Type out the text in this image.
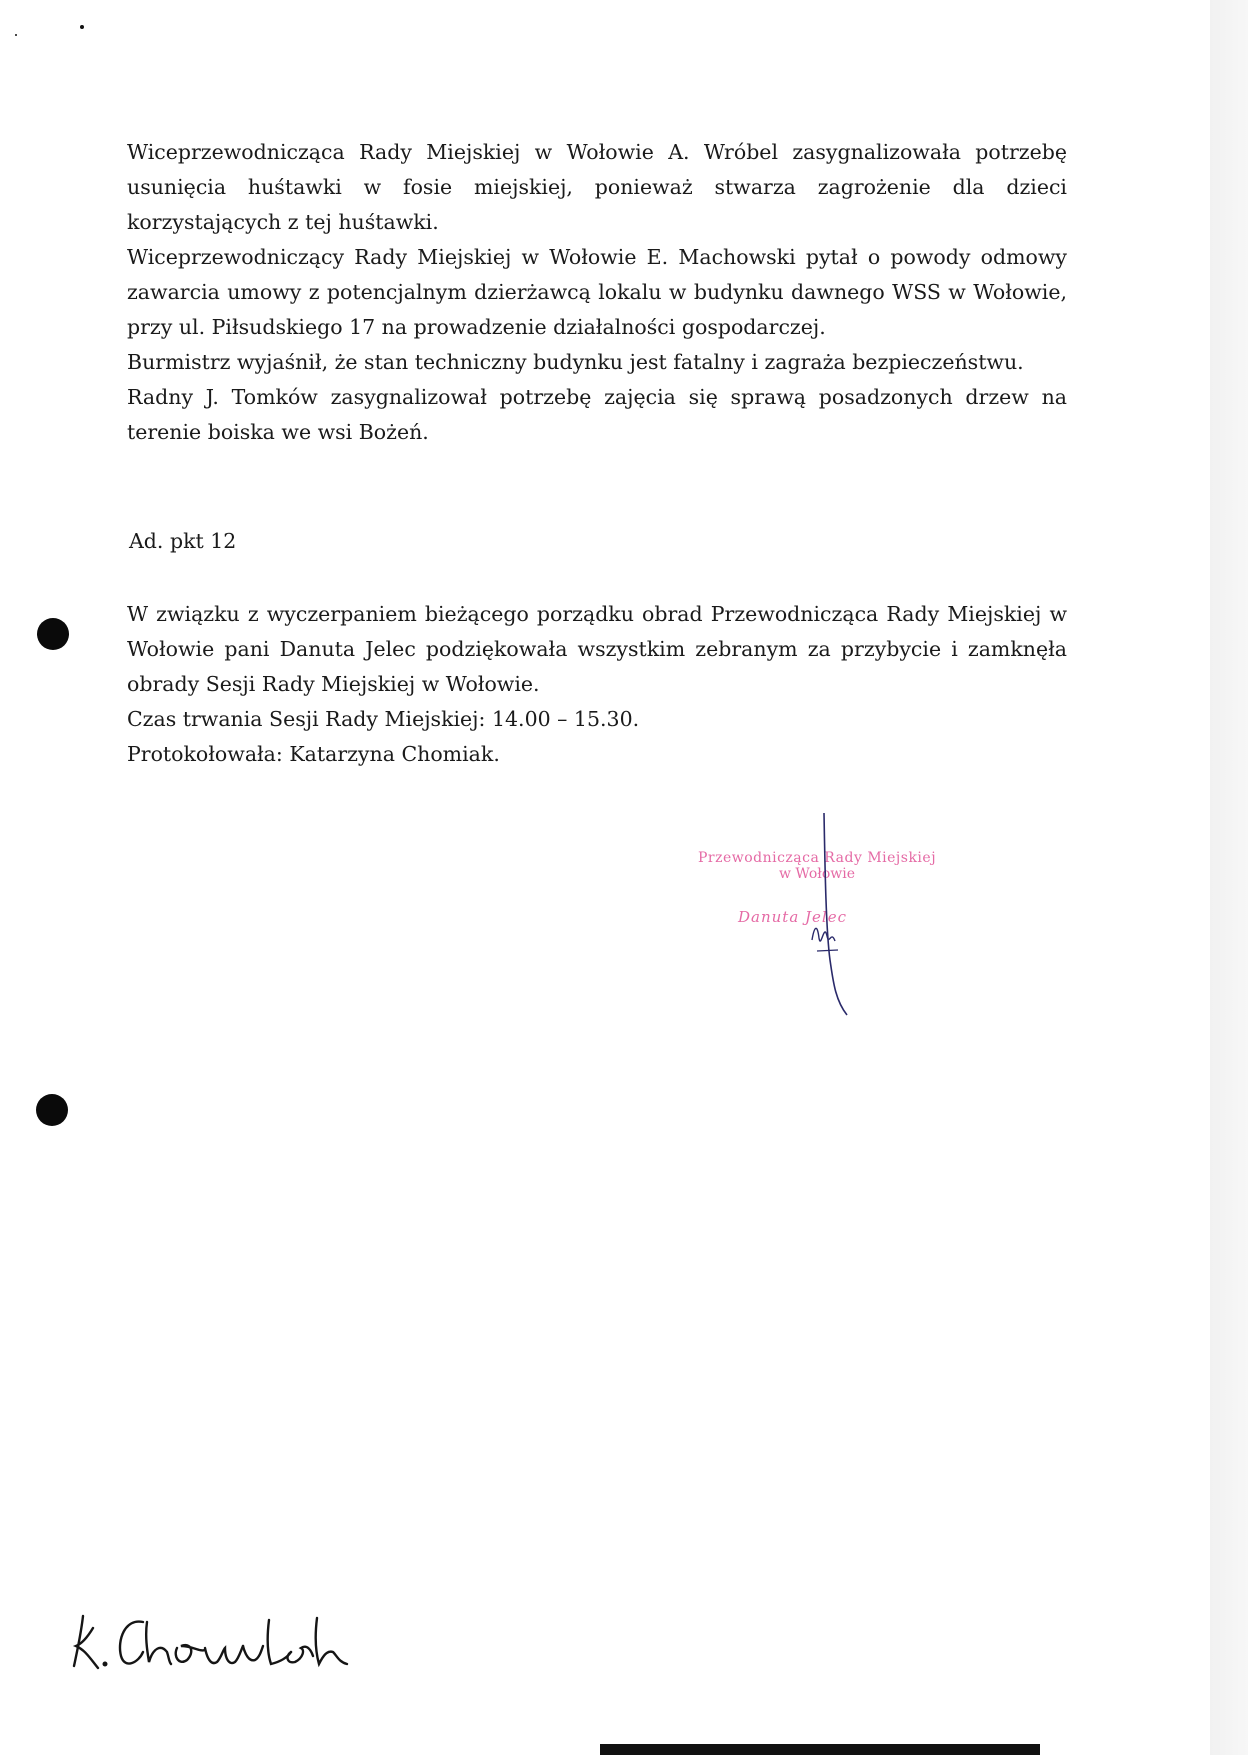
Wiceprzewodnicząca Rady Miejskiej w Wołowie A. Wróbel zasygnalizowała potrzebę usunięcia huśtawki w fosie miejskiej, ponieważ stwarza zagrożenie dla dzieci korzystających z tej huśtawki.

Wiceprzewodniczący Rady Miejskiej w Wołowie E. Machowski pytał o powody odmowy zawarcia umowy z potencjalnym dzierżawcą lokalu w budynku dawnego WSS w Wołowie, przy ul. Piłsudskiego 17 na prowadzenie działalności gospodarczej.

Burmistrz wyjaśnił, że stan techniczny budynku jest fatalny i zagraża bezpieczeństwu.

Radny J. Tomków zasygnalizował potrzebę zajęcia się sprawą posadzonych drzew na terenie boiska we wsi Bożeń.

Ad. pkt 12

W związku z wyczerpaniem bieżącego porządku obrad Przewodnicząca Rady Miejskiej w Wołowie pani Danuta Jelec podziękowała wszystkim zebranym za przybycie i zamknęła obrady Sesji Rady Miejskiej w Wołowie.

Czas trwania Sesji Rady Miejskiej: 14.00 – 15.30.

Protokołowała: Katarzyna Chomiak.

Przewodnicząca Rady Miejskiej
w Wołowie
Danuta Jelec
